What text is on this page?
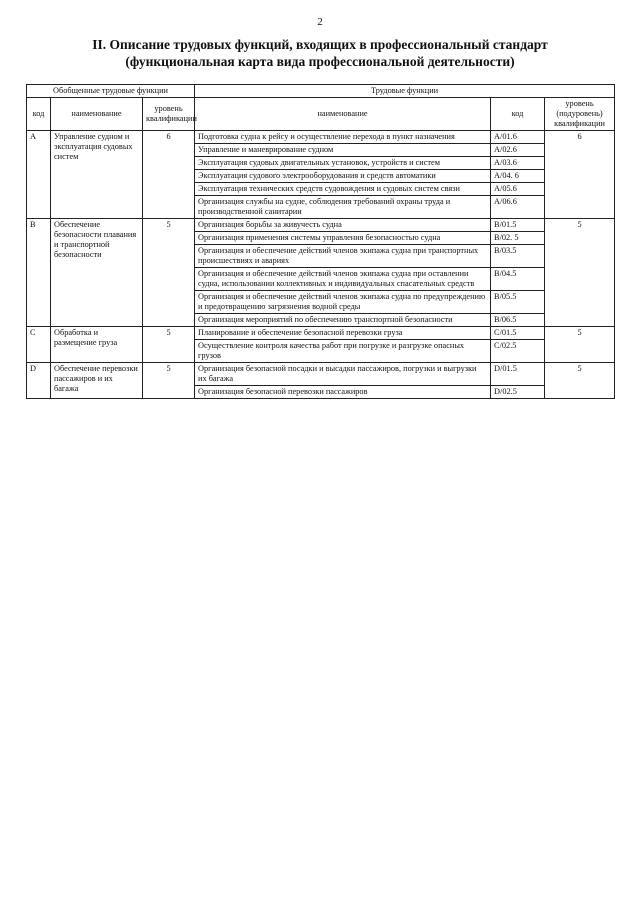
2
II. Описание трудовых функций, входящих в профессиональный стандарт (функциональная карта вида профессиональной деятельности)
Обобщенные трудовые функции			Трудовые функции		
код	наименование	уровень квалификации	наименование	код	уровень (подуровень) квалификации
A	Управление судном и эксплуатация судовых систем	6	Подготовка судна к рейсу и осуществление перехода в пункт назначения	A/01.6	6
			Управление и маневрирование судном	A/02.6	
			Эксплуатация судовых двигательных установок, устройств и систем	A/03.6	
			Эксплуатация судового электрооборудования и средств автоматики	A/04. 6	
			Эксплуатация технических средств судовождения и судовых систем связи	A/05.6	
			Организация службы на судне, соблюдения требований охраны труда и производственной санитарии	A/06.6	
B	Обеспечение безопасности плавания и транспортной безопасности	5	Организация борьбы за живучесть судна	B/01.5	5
			Организация применения системы управления безопасностью судна	B/02. 5	
			Организация и обеспечение действий членов экипажа судна при транспортных происшествиях и авариях	B/03.5	
			Организация и обеспечение действий членов экипажа судна при оставлении судна, использовании коллективных и индивидуальных спасательных средств	B/04.5	
			Организация и обеспечение действий членов экипажа судна по предупреждению и предотвращению загрязнения водной среды	B/05.5	
			Организация мероприятий по обеспечению транспортной безопасности	B/06.5	
C	Обработка и размещение груза	5	Планирование и обеспечение безопасной перевозки груза	C/01.5	5
			Осуществление контроля качества работ при погрузке и разгрузке опасных грузов	C/02.5	
D	Обеспечение перевозки пассажиров и их багажа	5	Организация безопасной посадки и высадки пассажиров, погрузки и выгрузки их багажа	D/01.5	5
			Организация безопасной перевозки пассажиров	D/02.5	
